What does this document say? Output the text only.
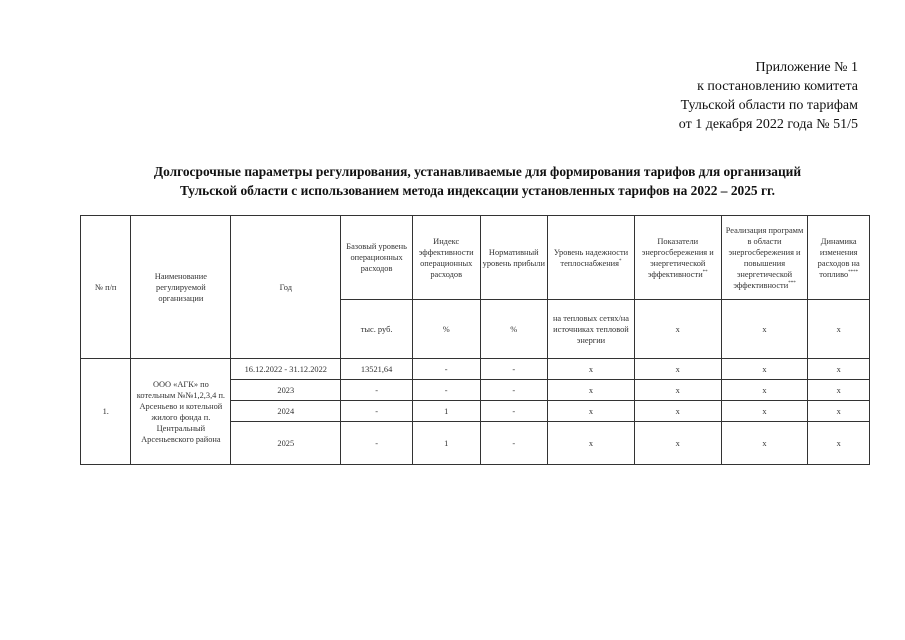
Приложение № 1
к постановлению комитета
Тульской области по тарифам
от 1 декабря 2022 года № 51/5
Долгосрочные параметры регулирования, устанавливаемые для формирования тарифов для организаций
Тульской области с использованием метода индексации установленных тарифов на 2022 – 2025 гг.
№ п/п	Наименование регулируемой организации	Год	Базовый уровень операционных расходов	Индекс эффективности операционных расходов	Нормативный уровень прибыли	Уровень надежности теплоснабжения*	Показатели энергосбережения и энергетической эффективности**	Реализация программ в области энергосбережения и повышения энергетической эффективности***	Динамика изменения расходов на топливо****
			тыс. руб.	%	%	на тепловых сетях/на источниках тепловой энергии	х	х	х
1.	ООО «АГК» по котельным №№1,2,3,4 п. Арсеньево и котельной жилого фонда п. Центральный Арсеньевского района	16.12.2022 - 31.12.2022	13521,64	-	-	х	х	х	х
		2023	-	-	-	х	х	х	х
		2024	-	1	-	х	х	х	х
		2025	-	1	-	х	х	х	х
